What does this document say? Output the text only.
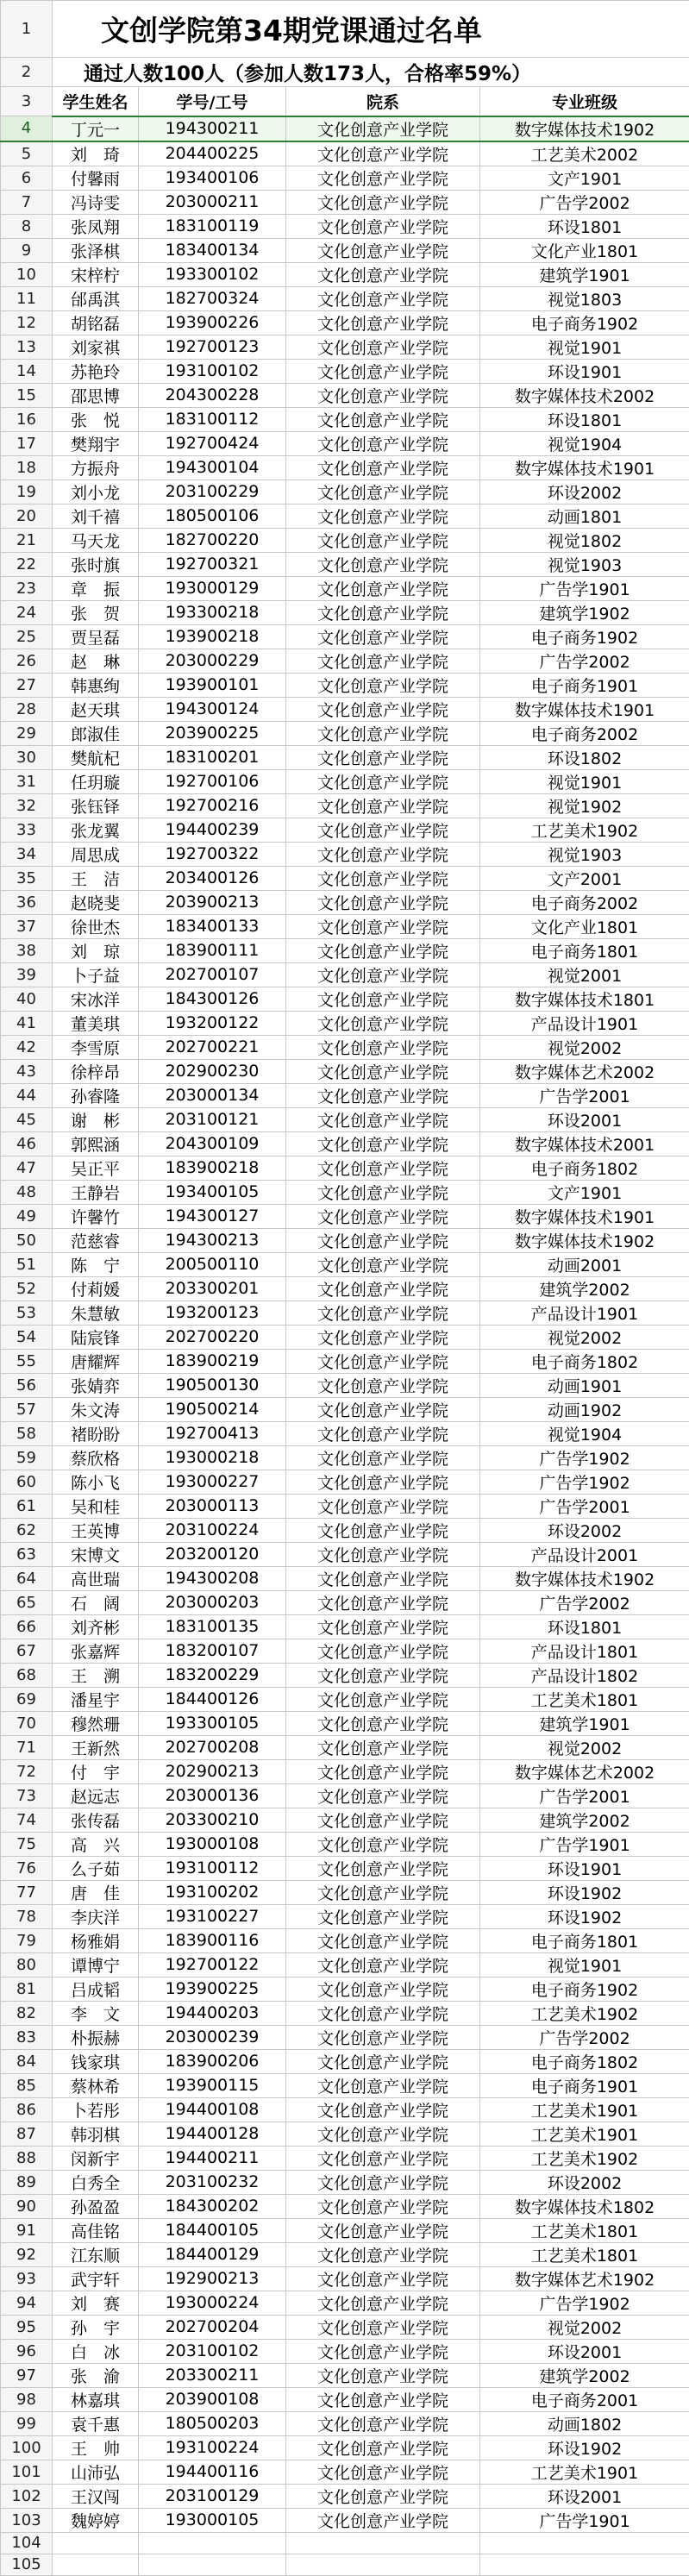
1	文创学院第34期党课通过名单			
2	通过人数100人（参加人数173人，合格率59%）			
3	学生姓名	学号/工号	院系	专业班级
4	丁元一	194300211	文化创意产业学院	数字媒体技术1902
5	刘　琦	204400225	文化创意产业学院	工艺美术2002
6	付馨雨	193400106	文化创意产业学院	文产1901
7	冯诗雯	203000211	文化创意产业学院	广告学2002
8	张凤翔	183100119	文化创意产业学院	环设1801
9	张泽棋	183400134	文化创意产业学院	文化产业1801
10	宋梓柠	193300102	文化创意产业学院	建筑学1901
11	邰禹淇	182700324	文化创意产业学院	视觉1803
12	胡铭磊	193900226	文化创意产业学院	电子商务1902
13	刘家祺	192700123	文化创意产业学院	视觉1901
14	苏艳玲	193100102	文化创意产业学院	环设1901
15	邵思博	204300228	文化创意产业学院	数字媒体技术2002
16	张　悦	183100112	文化创意产业学院	环设1801
17	樊翔宇	192700424	文化创意产业学院	视觉1904
18	方振舟	194300104	文化创意产业学院	数字媒体技术1901
19	刘小龙	203100229	文化创意产业学院	环设2002
20	刘千禧	180500106	文化创意产业学院	动画1801
21	马天龙	182700220	文化创意产业学院	视觉1802
22	张时旗	192700321	文化创意产业学院	视觉1903
23	章　振	193000129	文化创意产业学院	广告学1901
24	张　贺	193300218	文化创意产业学院	建筑学1902
25	贾呈磊	193900218	文化创意产业学院	电子商务1902
26	赵　琳	203000229	文化创意产业学院	广告学2002
27	韩惠绚	193900101	文化创意产业学院	电子商务1901
28	赵天琪	194300124	文化创意产业学院	数字媒体技术1901
29	郎淑佳	203900225	文化创意产业学院	电子商务2002
30	樊航杞	183100201	文化创意产业学院	环设1802
31	任玥璇	192700106	文化创意产业学院	视觉1901
32	张钰铎	192700216	文化创意产业学院	视觉1902
33	张龙翼	194400239	文化创意产业学院	工艺美术1902
34	周思成	192700322	文化创意产业学院	视觉1903
35	王　洁	203400126	文化创意产业学院	文产2001
36	赵晓斐	203900213	文化创意产业学院	电子商务2002
37	徐世杰	183400133	文化创意产业学院	文化产业1801
38	刘　琼	183900111	文化创意产业学院	电子商务1801
39	卜子益	202700107	文化创意产业学院	视觉2001
40	宋冰洋	184300126	文化创意产业学院	数字媒体技术1801
41	董美琪	193200122	文化创意产业学院	产品设计1901
42	李雪原	202700221	文化创意产业学院	视觉2002
43	徐梓昂	202900230	文化创意产业学院	数字媒体艺术2002
44	孙睿隆	203000134	文化创意产业学院	广告学2001
45	谢　彬	203100121	文化创意产业学院	环设2001
46	郭熙涵	204300109	文化创意产业学院	数字媒体技术2001
47	吴正平	183900218	文化创意产业学院	电子商务1802
48	王静岩	193400105	文化创意产业学院	文产1901
49	许馨竹	194300127	文化创意产业学院	数字媒体技术1901
50	范慈睿	194300213	文化创意产业学院	数字媒体技术1902
51	陈　宁	200500110	文化创意产业学院	动画2001
52	付莉媛	203300201	文化创意产业学院	建筑学2002
53	朱慧敏	193200123	文化创意产业学院	产品设计1901
54	陆宸锋	202700220	文化创意产业学院	视觉2002
55	唐耀辉	183900219	文化创意产业学院	电子商务1802
56	张婧弈	190500130	文化创意产业学院	动画1901
57	朱文涛	190500214	文化创意产业学院	动画1902
58	褚盼盼	192700413	文化创意产业学院	视觉1904
59	蔡欣格	193000218	文化创意产业学院	广告学1902
60	陈小飞	193000227	文化创意产业学院	广告学1902
61	吴和桂	203000113	文化创意产业学院	广告学2001
62	王英博	203100224	文化创意产业学院	环设2002
63	宋博文	203200120	文化创意产业学院	产品设计2001
64	高世瑞	194300208	文化创意产业学院	数字媒体技术1902
65	石　阔	203000203	文化创意产业学院	广告学2002
66	刘齐彬	183100135	文化创意产业学院	环设1801
67	张嘉辉	183200107	文化创意产业学院	产品设计1801
68	王　溯	183200229	文化创意产业学院	产品设计1802
69	潘星宇	184400126	文化创意产业学院	工艺美术1801
70	穆然珊	193300105	文化创意产业学院	建筑学1901
71	王新然	202700208	文化创意产业学院	视觉2002
72	付　宇	202900213	文化创意产业学院	数字媒体艺术2002
73	赵远志	203000136	文化创意产业学院	广告学2001
74	张传磊	203300210	文化创意产业学院	建筑学2002
75	高　兴	193000108	文化创意产业学院	广告学1901
76	么子茹	193100112	文化创意产业学院	环设1901
77	唐　佳	193100202	文化创意产业学院	环设1902
78	李庆洋	193100227	文化创意产业学院	环设1902
79	杨雅娟	183900116	文化创意产业学院	电子商务1801
80	谭博宁	192700122	文化创意产业学院	视觉1901
81	吕成韬	193900225	文化创意产业学院	电子商务1902
82	李　文	194400203	文化创意产业学院	工艺美术1902
83	朴振赫	203000239	文化创意产业学院	广告学2002
84	钱家琪	183900206	文化创意产业学院	电子商务1802
85	蔡林希	193900115	文化创意产业学院	电子商务1901
86	卜若彤	194400108	文化创意产业学院	工艺美术1901
87	韩羽棋	194400128	文化创意产业学院	工艺美术1901
88	闵新宇	194400211	文化创意产业学院	工艺美术1902
89	白秀全	203100232	文化创意产业学院	环设2002
90	孙盈盈	184300202	文化创意产业学院	数字媒体技术1802
91	高佳铭	184400105	文化创意产业学院	工艺美术1801
92	江东顺	184400129	文化创意产业学院	工艺美术1801
93	武宇轩	192900213	文化创意产业学院	数字媒体艺术1902
94	刘　赛	193000224	文化创意产业学院	广告学1902
95	孙　宇	202700204	文化创意产业学院	视觉2002
96	白　冰	203100102	文化创意产业学院	环设2001
97	张　渝	203300211	文化创意产业学院	建筑学2002
98	林嘉琪	203900108	文化创意产业学院	电子商务2001
99	袁千惠	180500203	文化创意产业学院	动画1802
100	王　帅	193100224	文化创意产业学院	环设1902
101	山沛弘	194400116	文化创意产业学院	工艺美术1901
102	王汉闯	203100129	文化创意产业学院	环设2001
103	魏婷婷	193000105	文化创意产业学院	广告学1901
104				
105				
